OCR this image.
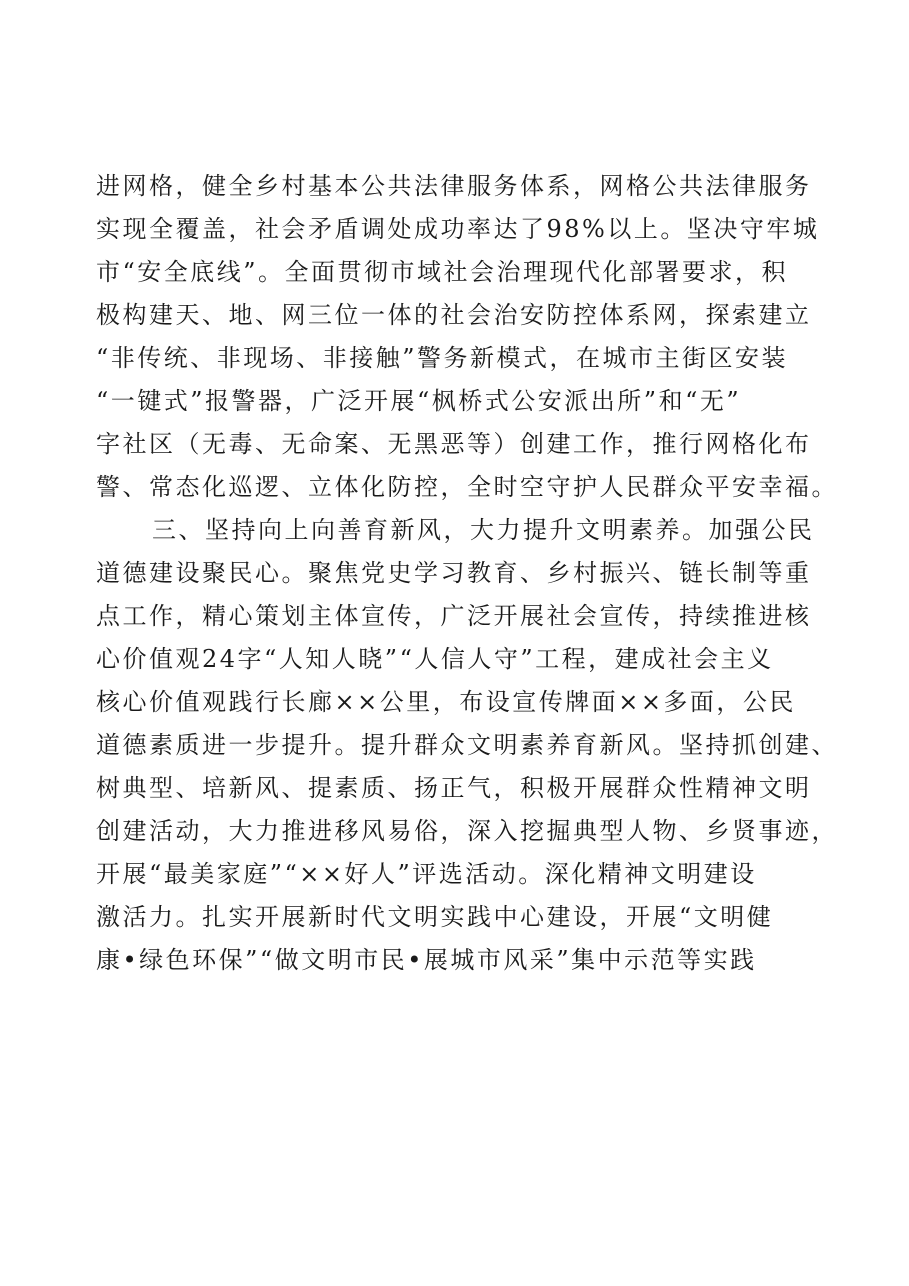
进网格，健全乡村基本公共法律服务体系，网格公共法律服务
实现全覆盖，社会矛盾调处成功率达了98%以上。坚决守牢城
市“安全底线”。全面贯彻市域社会治理现代化部署要求，积
极构建天、地、网三位一体的社会治安防控体系网，探索建立
“非传统、非现场、非接触”警务新模式，在城市主街区安装
“一键式”报警器，广泛开展“枫桥式公安派出所”和“无”
字社区（无毒、无命案、无黑恶等）创建工作，推行网格化布
警、常态化巡逻、立体化防控，全时空守护人民群众平安幸福。
三、坚持向上向善育新风，大力提升文明素养。加强公民
道德建设聚民心。聚焦党史学习教育、乡村振兴、链长制等重
点工作，精心策划主体宣传，广泛开展社会宣传，持续推进核
心价值观24字“人知人晓”“人信人守”工程，建成社会主义
核心价值观践行长廊××公里，布设宣传牌面××多面，公民
道德素质进一步提升。提升群众文明素养育新风。坚持抓创建、
树典型、培新风、提素质、扬正气，积极开展群众性精神文明
创建活动，大力推进移风易俗，深入挖掘典型人物、乡贤事迹，
开展“最美家庭”“××好人”评选活动。深化精神文明建设
激活力。扎实开展新时代文明实践中心建设，开展“文明健
康•绿色环保”“做文明市民•展城市风采”集中示范等实践
